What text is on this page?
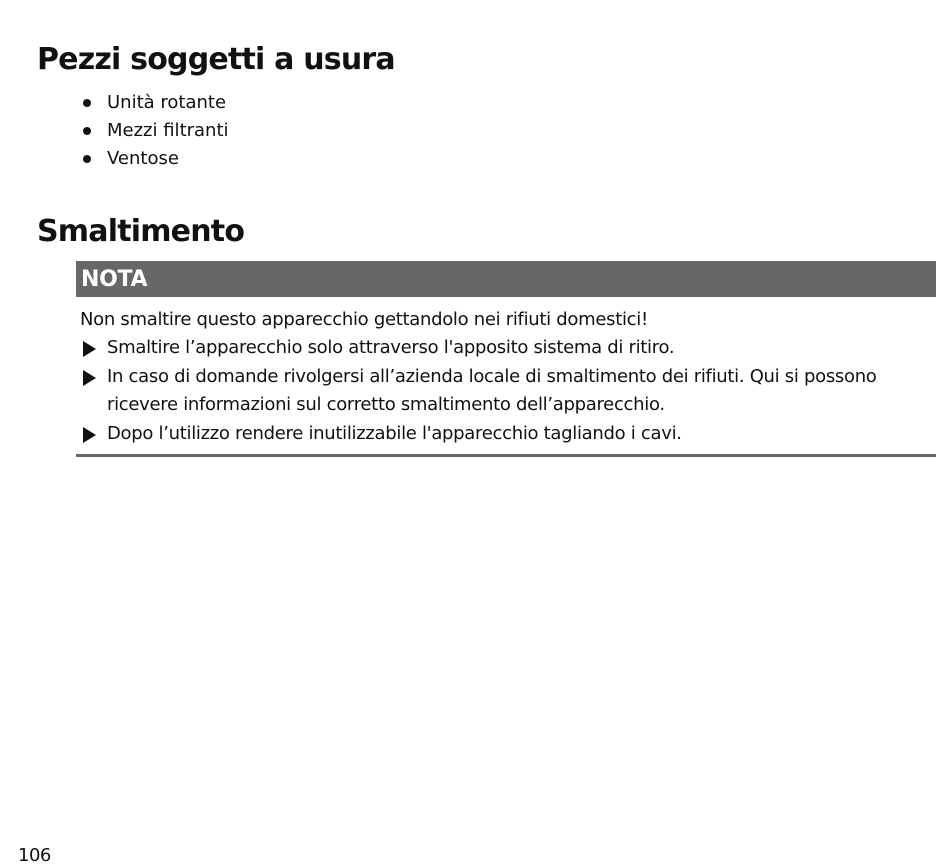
Pezzi soggetti a usura
Unità rotante
Mezzi filtranti
Ventose
Smaltimento
NOTA
Non smaltire questo apparecchio gettandolo nei rifiuti domestici!
Smaltire l’apparecchio solo attraverso l'apposito sistema di ritiro.
In caso di domande rivolgersi all’azienda locale di smaltimento dei rifiuti. Qui si possono ricevere informazioni sul corretto smaltimento dell’apparecchio.
Dopo l’utilizzo rendere inutilizzabile l'apparecchio tagliando i cavi.
106
